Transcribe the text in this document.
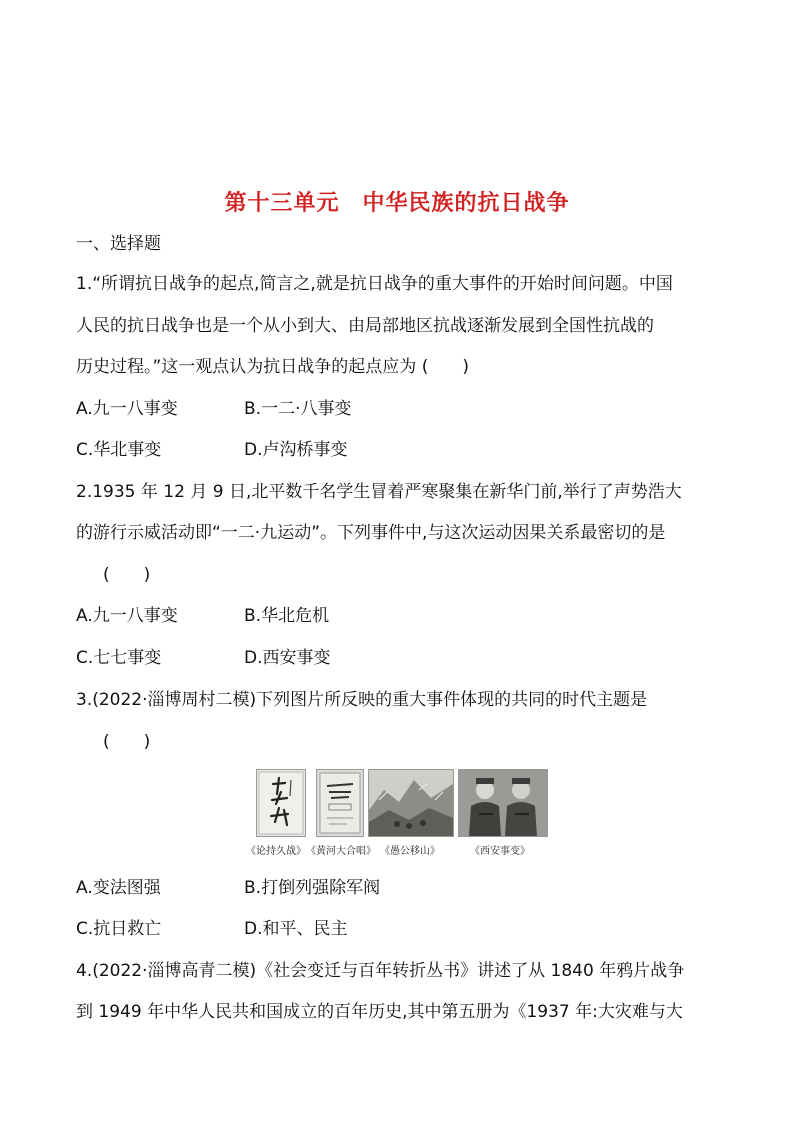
第十三单元　中华民族的抗日战争
一、选择题
1.“所谓抗日战争的起点,简言之,就是抗日战争的重大事件的开始时间问题。中国
人民的抗日战争也是一个从小到大、由局部地区抗战逐渐发展到全国性抗战的
历史过程。”这一观点认为抗日战争的起点应为 (　　)
A.九一八事变	B.一二·八事变
C.华北事变	D.卢沟桥事变
2.1935 年 12 月 9 日,北平数千名学生冒着严寒聚集在新华门前,举行了声势浩大
的游行示威活动即“一二·九运动”。下列事件中,与这次运动因果关系最密切的是
(　　)
A.九一八事变	B.华北危机
C.七七事变	D.西安事变
3.(2022·淄博周村二模)下列图片所反映的重大事件体现的共同的时代主题是
(　　)
《论持久战》 《黄河大合唱》 《愚公移山》	《西安事变》
A.变法图强	B.打倒列强除军阀
C.抗日救亡	D.和平、民主
4.(2022·淄博高青二模)《社会变迁与百年转折丛书》讲述了从 1840 年鸦片战争
到 1949 年中华人民共和国成立的百年历史,其中第五册为《1937 年:大灾难与大
